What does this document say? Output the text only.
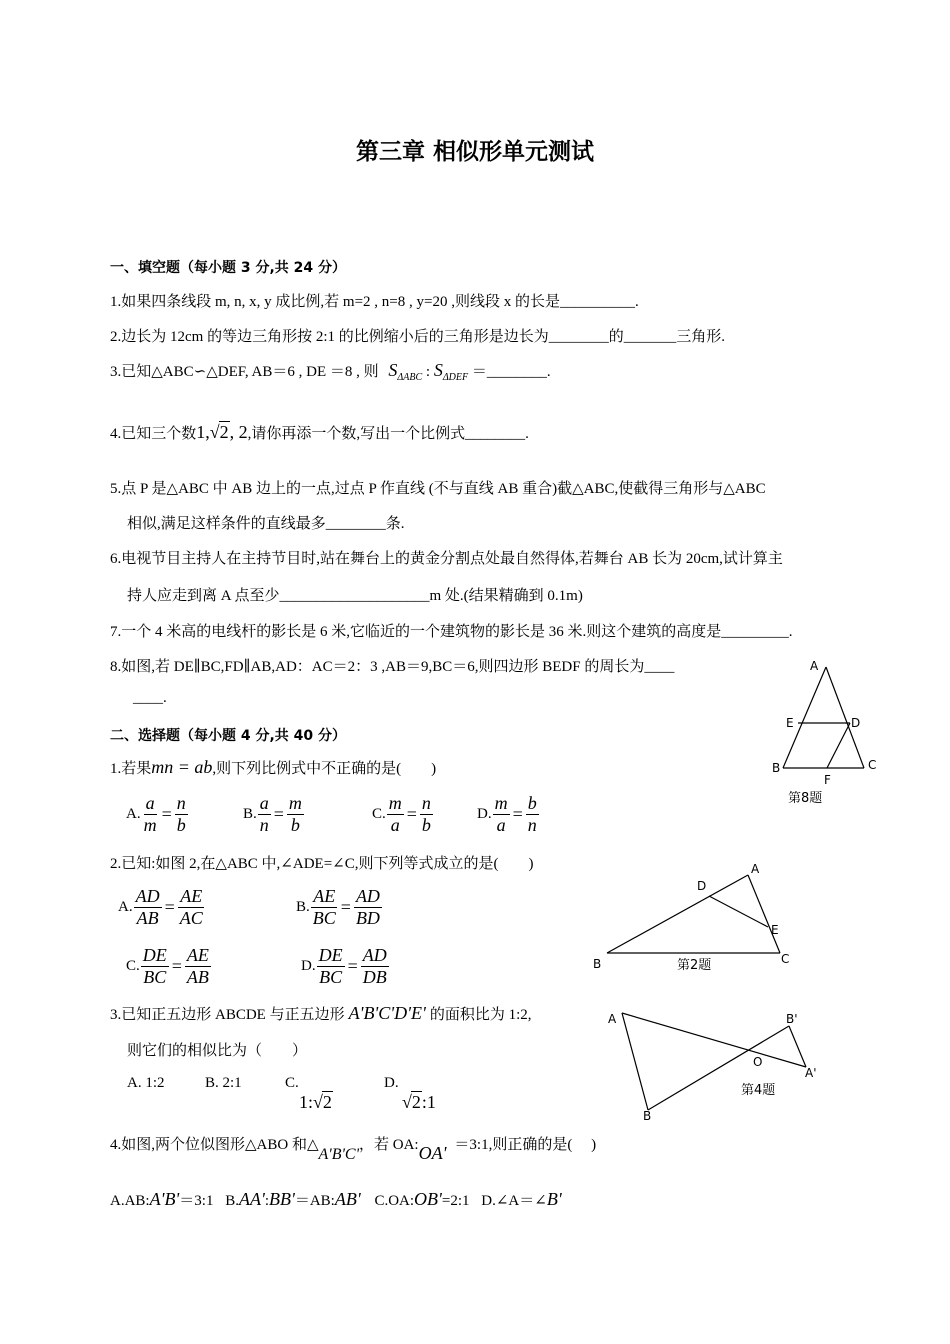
第三章 相似形单元测试
一、填空题（每小题 3 分,共 24 分）
1.如果四条线段 m, n, x, y 成比例,若 m=2 , n=8 , y=20 ,则线段 x 的长是__________.
2.边长为 12cm 的等边三角形按 2:1 的比例缩小后的三角形是边长为________的_______三角形.
3.已知△ABC∽△DEF, AB＝6 , DE ＝8 , 则 $S_{\Delta ABC}$ : $S_{\Delta DEF}$ ＝________.
4.已知三个数1,√2, 2,请你再添一个数,写出一个比例式________.
5.点 P 是△ABC 中 AB 边上的一点,过点 P 作直线 (不与直线 AB 重合)截△ABC,使截得三角形与△ABC
相似,满足这样条件的直线最多________条.
6.电视节目主持人在主持节目时,站在舞台上的黄金分割点处最自然得体,若舞台 AB 长为 20cm,试计算主
持人应走到离 A 点至少____________________m 处.(结果精确到 0.1m)
7.一个 4 米高的电线杆的影长是 6 米,它临近的一个建筑物的影长是 36 米.则这个建筑的高度是_________.
8.如图,若 DE∥BC,FD∥AB,AD：AC＝2：3 ,AB＝9,BC＝6,则四边形 BEDF 的周长为____
____.
二、选择题（每小题 4 分,共 40 分）
1.若果mn = ab,则下列比例式中不正确的是(　　)
A. $\frac{a}{m} = \frac{n}{b}$	B. $\frac{a}{n} = \frac{m}{b}$	C. $\frac{m}{a} = \frac{n}{b}$	D. $\frac{m}{a} = \frac{b}{n}$
2.已知:如图 2,在△ABC 中,∠ADE=∠C,则下列等式成立的是(　　)
A. $\frac{AD}{AB} = \frac{AE}{AC}$	B. $\frac{AE}{BC} = \frac{AD}{BD}$
C. $\frac{DE}{BC} = \frac{AE}{AB}$	D. $\frac{DE}{BC} = \frac{AD}{DB}$
3.已知正五边形 ABCDE 与正五边形 A'B'C'D'E' 的面积比为 1:2,
则它们的相似比为（　　）
A. 1:2	B. 2:1	C.
1:√2
D.
√2:1
4.如图,两个位似图形△ABO 和△A'B'C'，若 OA:OA' ＝3:1,则正确的是(　 )
A.AB:A'B'＝3:1 B.AA':BB'＝AB:AB' C.OA:OB'=2:1 D.∠A＝∠B'
A
E	D
B
F
C
第8题
D
A
E
B	C
第2题
A	B'
O
A'
B
第4题
